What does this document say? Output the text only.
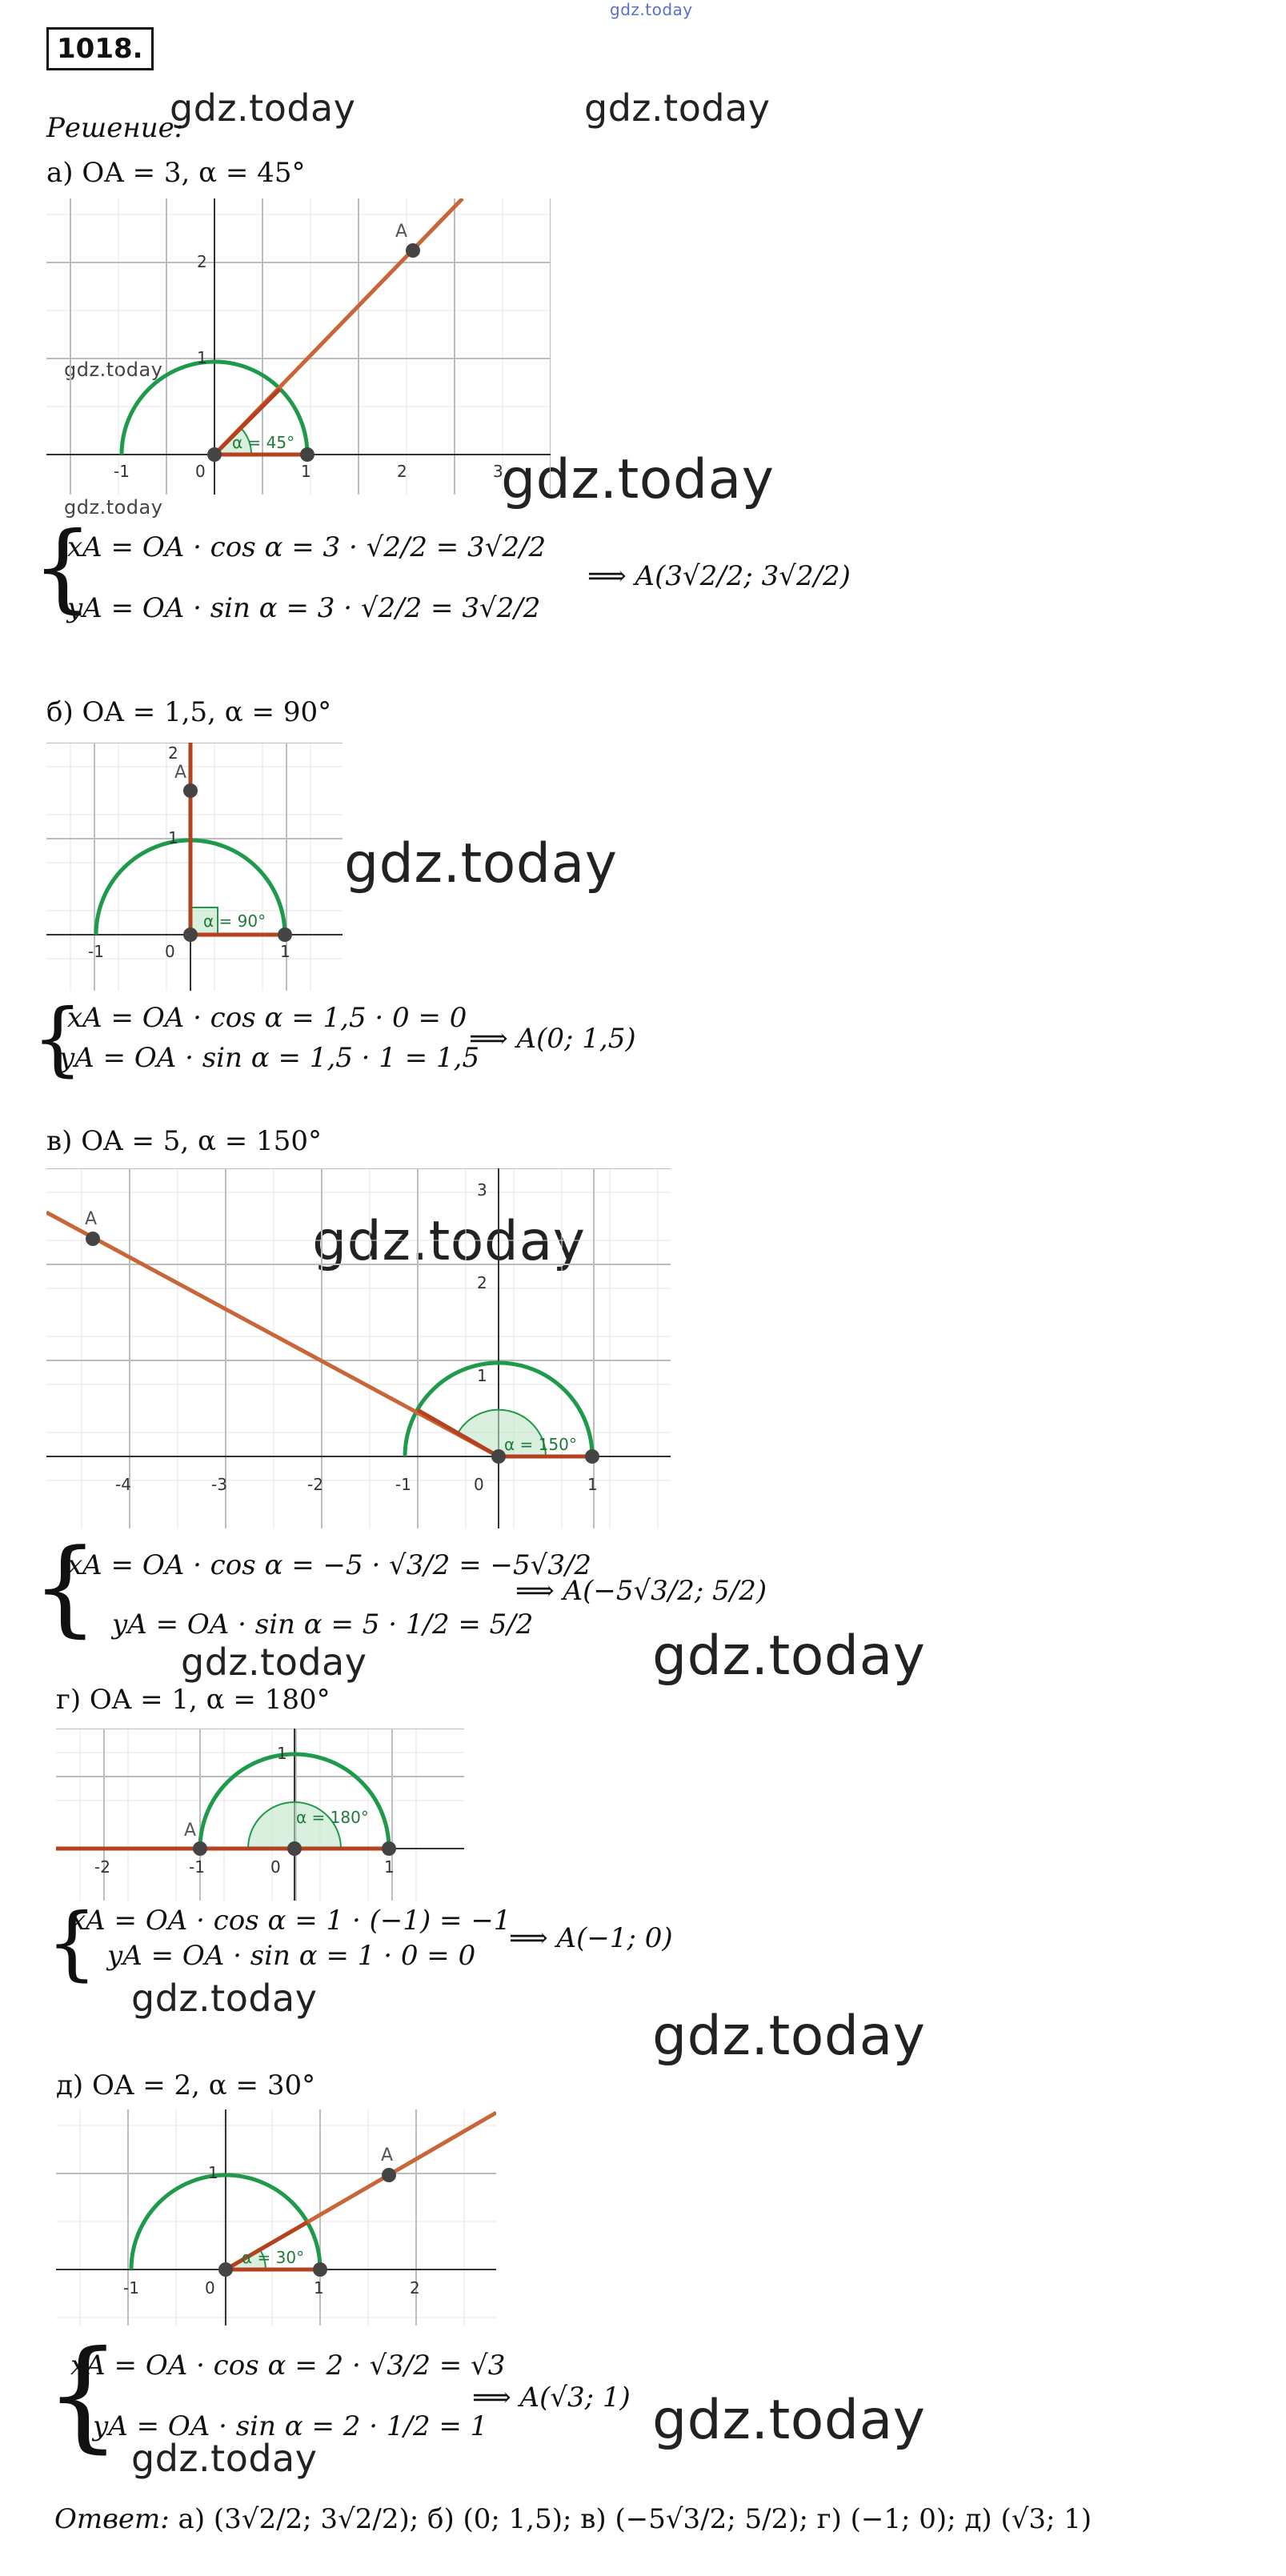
gdz.today
gdz.today	gdz.today
gdz.today
gdz.today
gdz.today
gdz.today
gdz.today
gdz.today
gdz.today
gdz.today
gdz.today
gdz.today
gdz.today
1018.
Решение:
а) OA = 3, α = 45°
A
α = 45°
-1	0	1	2	3
1
2
{
xA = OA · cos α = 3 · √2/2 = 3√2/2
yA = OA · sin α = 3 · √2/2 = 3√2/2
⟹ A(3√2/2; 3√2/2)
б) OA = 1,5, α = 90°
A
α = 90°
-1	0	1
1
2
{
xA = OA · cos α = 1,5 · 0 = 0
yA = OA · sin α = 1,5 · 1 = 1,5
⟹ A(0; 1,5)
в) OA = 5, α = 150°
A
α = 150°
-4	-3	-2	-1	0	1
1
2
3
{
xA = OA · cos α = −5 · √3/2 = −5√3/2
yA = OA · sin α = 5 · 1/2 = 5/2
⟹ A(−5√3/2; 5/2)
г) OA = 1, α = 180°
A
α = 180°
-2	-1	0	1
1
{
xA = OA · cos α = 1 · (−1) = −1
yA = OA · sin α = 1 · 0 = 0
⟹ A(−1; 0)
д) OA = 2, α = 30°
A
α = 30°
-1	0	1	2
1
{
xA = OA · cos α = 2 · √3/2 = √3
yA = OA · sin α = 2 · 1/2 = 1
⟹ A(√3; 1)
Ответ: а) (3√2/2; 3√2/2); б) (0; 1,5); в) (−5√3/2; 5/2); г) (−1; 0); д) (√3; 1)
